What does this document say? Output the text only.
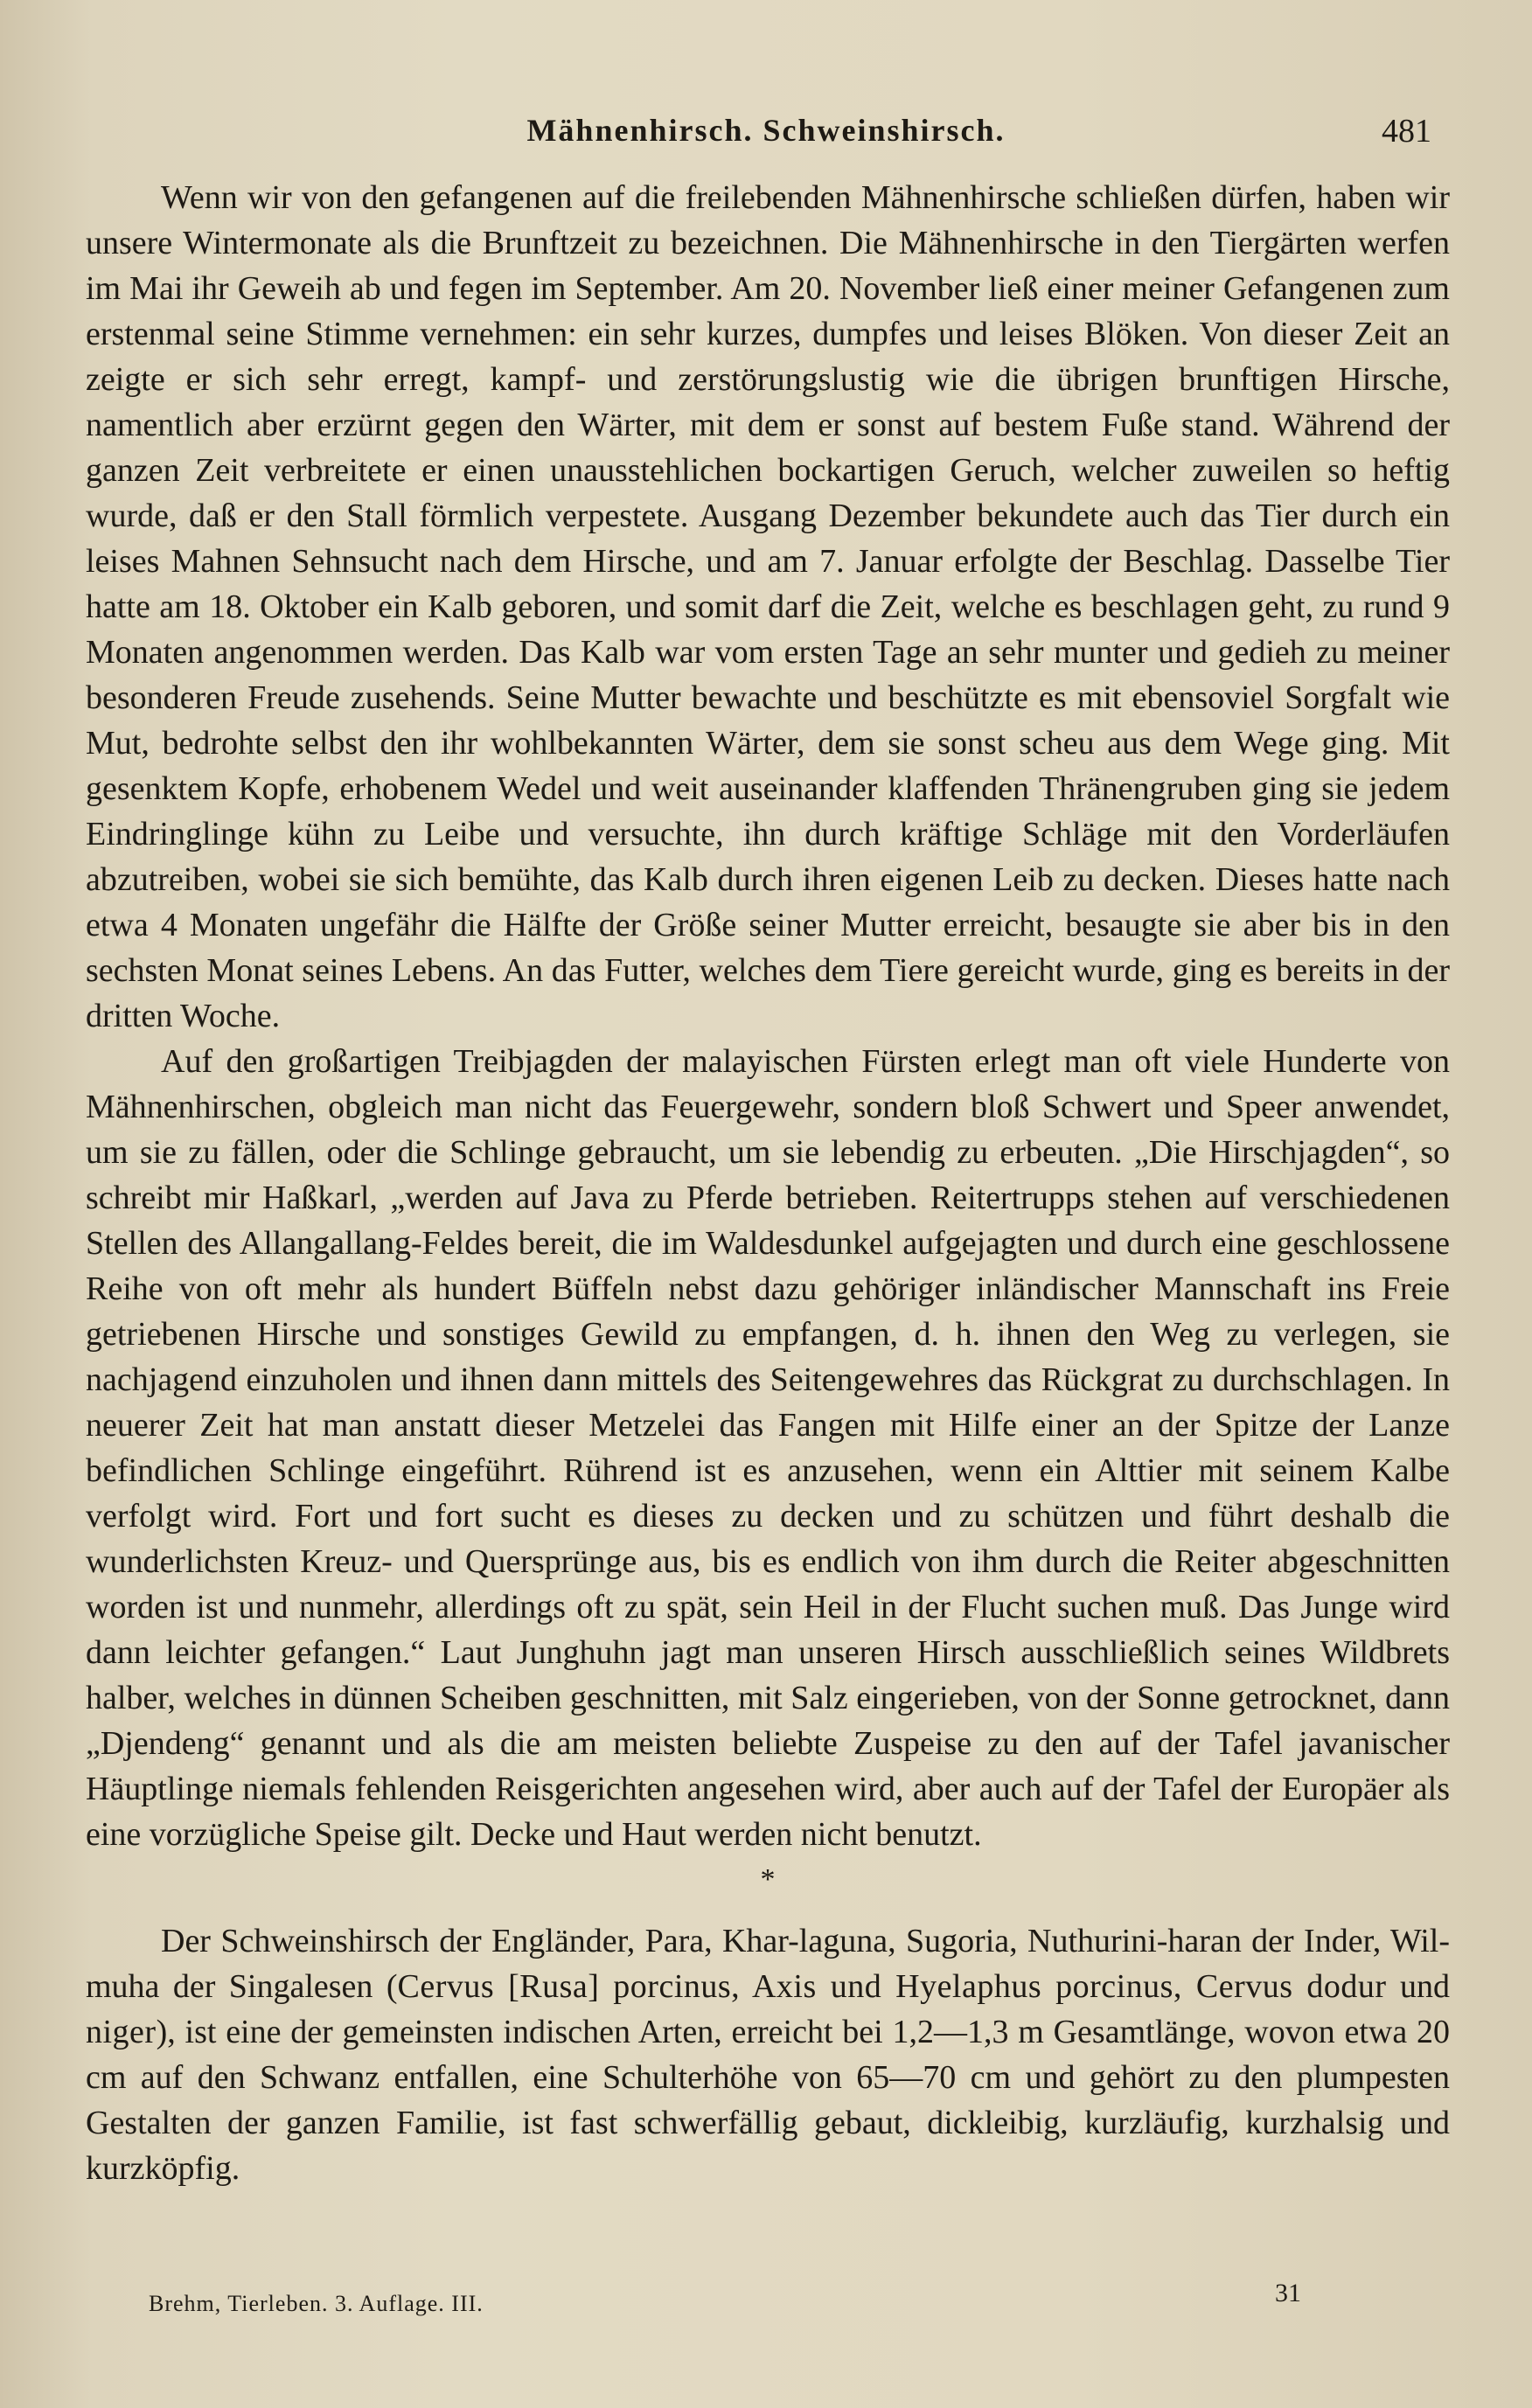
Mähnenhirsch. Schweinshirsch.	481

Wenn wir von den gefangenen auf die freilebenden Mähnenhirsche schließen dürfen, haben wir unsere Wintermonate als die Brunftzeit zu bezeichnen. Die Mähnenhirsche in den Tiergärten werfen im Mai ihr Geweih ab und fegen im September. Am 20. November ließ einer meiner Gefangenen zum erstenmal seine Stimme vernehmen: ein sehr kurzes, dumpfes und leises Blöken. Von dieser Zeit an zeigte er sich sehr erregt, kampf- und zerstörungslustig wie die übrigen brunftigen Hirsche, namentlich aber erzürnt gegen den Wärter, mit dem er sonst auf bestem Fuße stand. Während der ganzen Zeit verbreitete er einen unausstehlichen bockartigen Geruch, welcher zuweilen so heftig wurde, daß er den Stall förmlich verpestete. Ausgang Dezember bekundete auch das Tier durch ein leises Mahnen Sehnsucht nach dem Hirsche, und am 7. Januar erfolgte der Beschlag. Dasselbe Tier hatte am 18. Oktober ein Kalb geboren, und somit darf die Zeit, welche es beschlagen geht, zu rund 9 Monaten angenommen werden. Das Kalb war vom ersten Tage an sehr munter und gedieh zu meiner besonderen Freude zusehends. Seine Mutter bewachte und beschützte es mit ebensoviel Sorgfalt wie Mut, bedrohte selbst den ihr wohlbekannten Wärter, dem sie sonst scheu aus dem Wege ging. Mit gesenktem Kopfe, erhobenem Wedel und weit auseinander klaffenden Thränengruben ging sie jedem Eindringlinge kühn zu Leibe und versuchte, ihn durch kräftige Schläge mit den Vorderläufen abzutreiben, wobei sie sich bemühte, das Kalb durch ihren eigenen Leib zu decken. Dieses hatte nach etwa 4 Monaten ungefähr die Hälfte der Größe seiner Mutter erreicht, besaugte sie aber bis in den sechsten Monat seines Lebens. An das Futter, welches dem Tiere gereicht wurde, ging es bereits in der dritten Woche.

Auf den großartigen Treibjagden der malayischen Fürsten erlegt man oft viele Hunderte von Mähnenhirschen, obgleich man nicht das Feuergewehr, sondern bloß Schwert und Speer anwendet, um sie zu fällen, oder die Schlinge gebraucht, um sie lebendig zu erbeuten. „Die Hirschjagden“, so schreibt mir Haßkarl, „werden auf Java zu Pferde betrieben. Reitertrupps stehen auf verschiedenen Stellen des Allangallang-Feldes bereit, die im Waldesdunkel aufgejagten und durch eine geschlossene Reihe von oft mehr als hundert Büffeln nebst dazu gehöriger inländischer Mannschaft ins Freie getriebenen Hirsche und sonstiges Gewild zu empfangen, d. h. ihnen den Weg zu verlegen, sie nachjagend einzuholen und ihnen dann mittels des Seitengewehres das Rückgrat zu durchschlagen. In neuerer Zeit hat man anstatt dieser Metzelei das Fangen mit Hilfe einer an der Spitze der Lanze befindlichen Schlinge eingeführt. Rührend ist es anzusehen, wenn ein Alttier mit seinem Kalbe verfolgt wird. Fort und fort sucht es dieses zu decken und zu schützen und führt deshalb die wunderlichsten Kreuz- und Quersprünge aus, bis es endlich von ihm durch die Reiter abgeschnitten worden ist und nunmehr, allerdings oft zu spät, sein Heil in der Flucht suchen muß. Das Junge wird dann leichter gefangen.“ Laut Junghuhn jagt man unseren Hirsch ausschließlich seines Wildbrets halber, welches in dünnen Scheiben geschnitten, mit Salz eingerieben, von der Sonne getrocknet, dann „Djendeng“ genannt und als die am meisten beliebte Zuspeise zu den auf der Tafel javanischer Häuptlinge niemals fehlenden Reisgerichten angesehen wird, aber auch auf der Tafel der Europäer als eine vorzügliche Speise gilt. Decke und Haut werden nicht benutzt.

*

Der Schweinshirsch der Engländer, Para, Khar-laguna, Sugoria, Nuthurini-haran der Inder, Wil-muha der Singalesen (Cervus [Rusa] porcinus, Axis und Hyelaphus porcinus, Cervus dodur und niger), ist eine der gemeinsten indischen Arten, erreicht bei 1,2—1,3 m Gesamtlänge, wovon etwa 20 cm auf den Schwanz entfallen, eine Schulterhöhe von 65—70 cm und gehört zu den plumpesten Gestalten der ganzen Familie, ist fast schwerfällig gebaut, dickleibig, kurzläufig, kurzhalsig und kurzköpfig.

Brehm, Tierleben. 3. Auflage. III.	31
